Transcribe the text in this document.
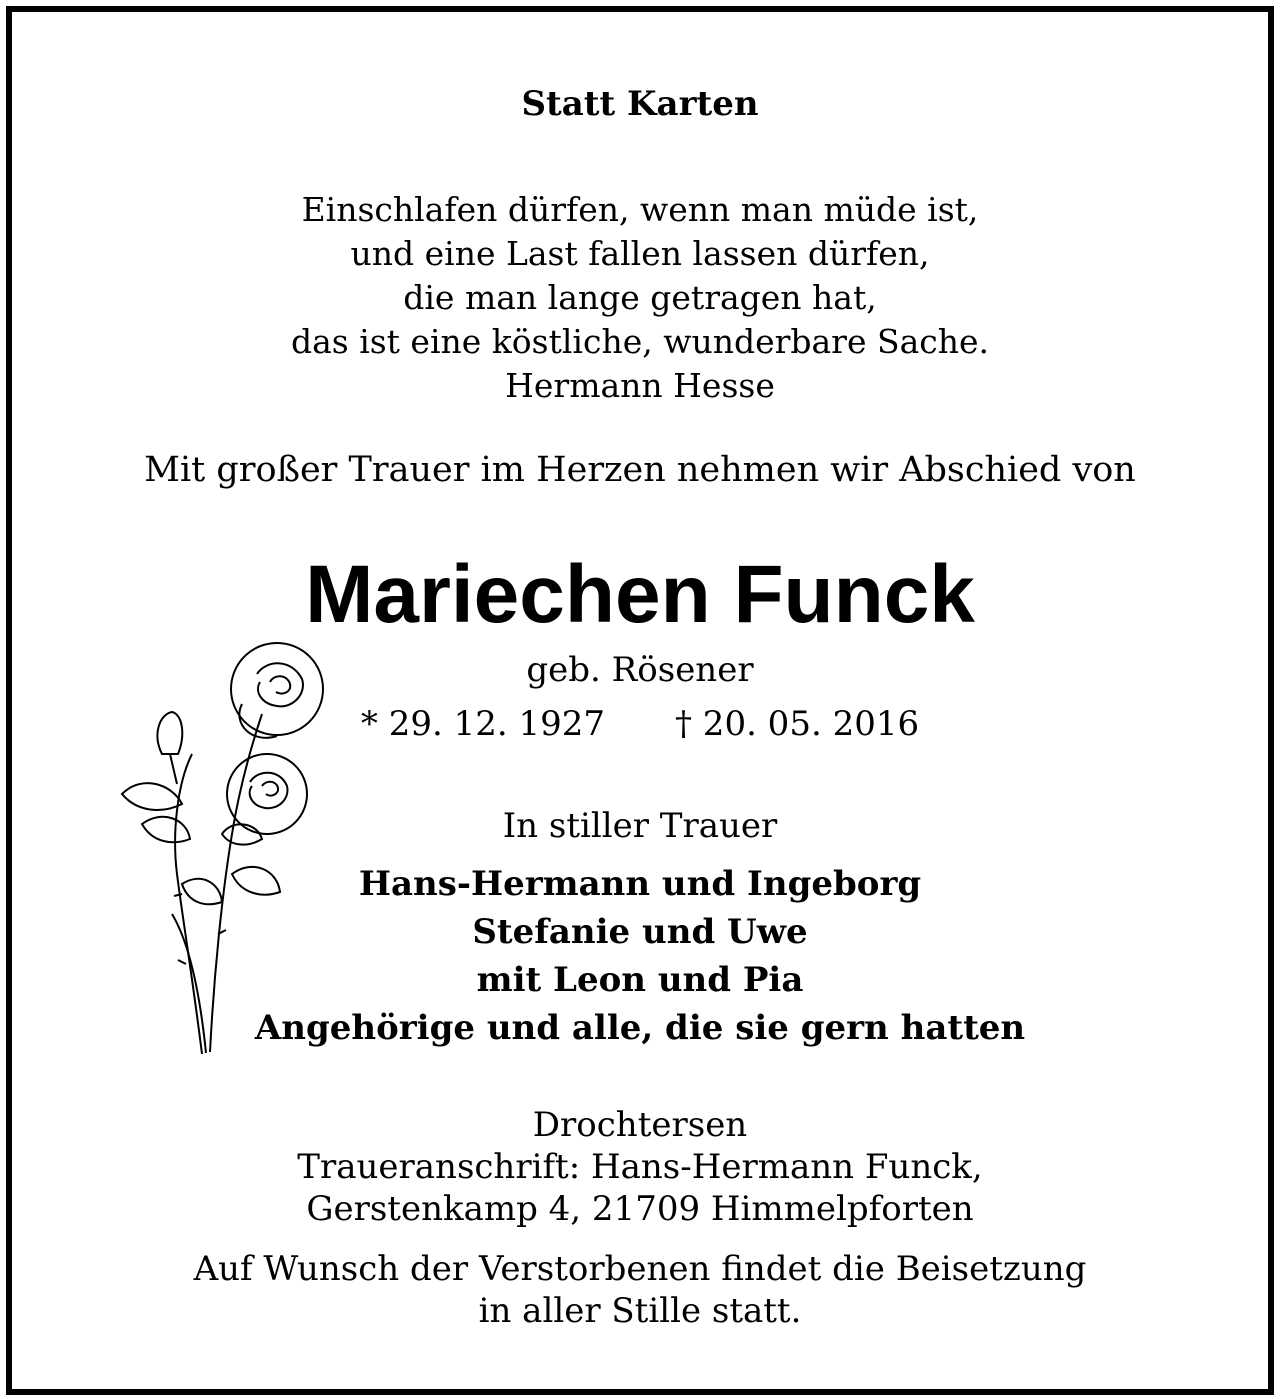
Statt Karten
Einschlafen dürfen, wenn man müde ist,
und eine Last fallen lassen dürfen,
die man lange getragen hat,
das ist eine köstliche, wunderbare Sache.
Hermann Hesse
Mit großer Trauer im Herzen nehmen wir Abschied von
Mariechen Funck
geb. Rösener
* 29. 12. 1927 † 20. 05. 2016
In stiller Trauer
Hans-Hermann und Ingeborg
Stefanie und Uwe
mit Leon und Pia
Angehörige und alle, die sie gern hatten
Drochtersen
Traueranschrift: Hans-Hermann Funck,
Gerstenkamp 4, 21709 Himmelpforten
Auf Wunsch der Verstorbenen findet die Beisetzung
in aller Stille statt.
